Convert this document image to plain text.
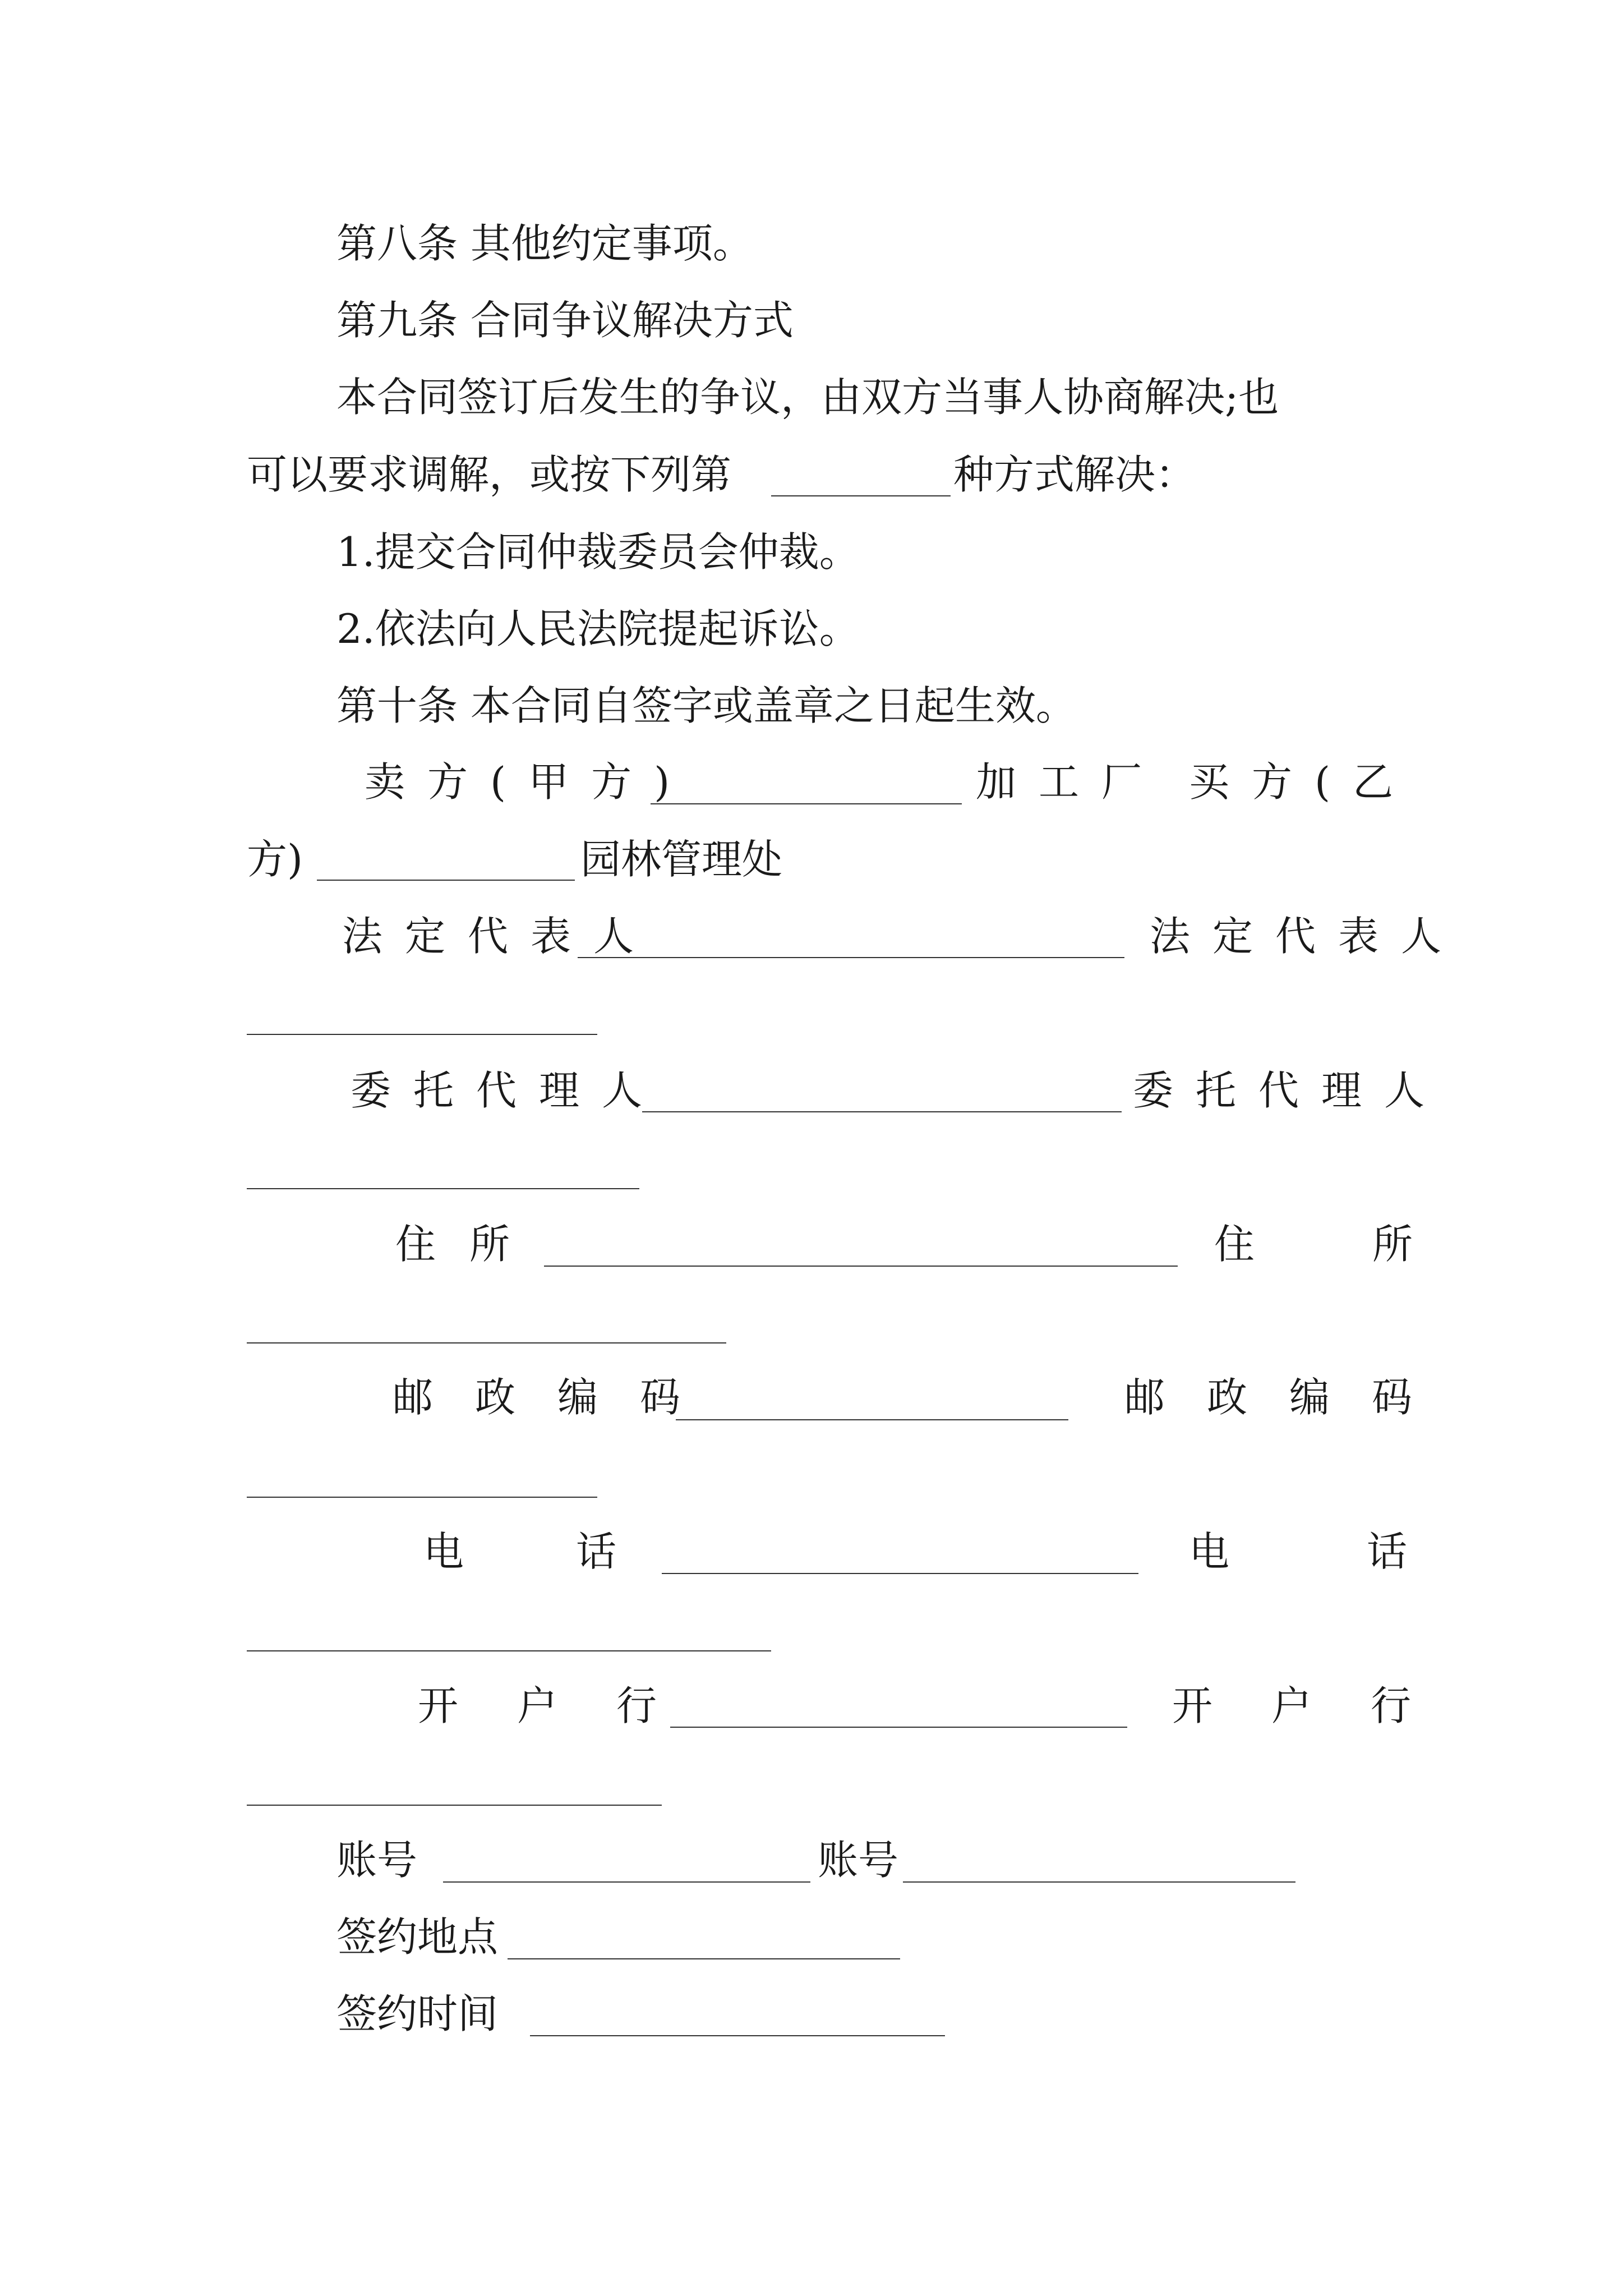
第八条 其他约定事项。
第九条 合同争议解决方式
本合同签订后发生的争议，由双方当事人协商解决;也
可以要求调解，或按下列第	种方式解决：
1.提交合同仲裁委员会仲裁。
2.依法向人民法院提起诉讼。
第十条 本合同自签字或盖章之日起生效。
卖方(甲方)	加工厂 买方(乙
方)	园林管理处
法定代表人	法定代表人
委托代理人	委托代理人
住所	住所
邮政编码	邮政编码
电话	电话
开户行	开户行
账号	账号
签约地点
签约时间
